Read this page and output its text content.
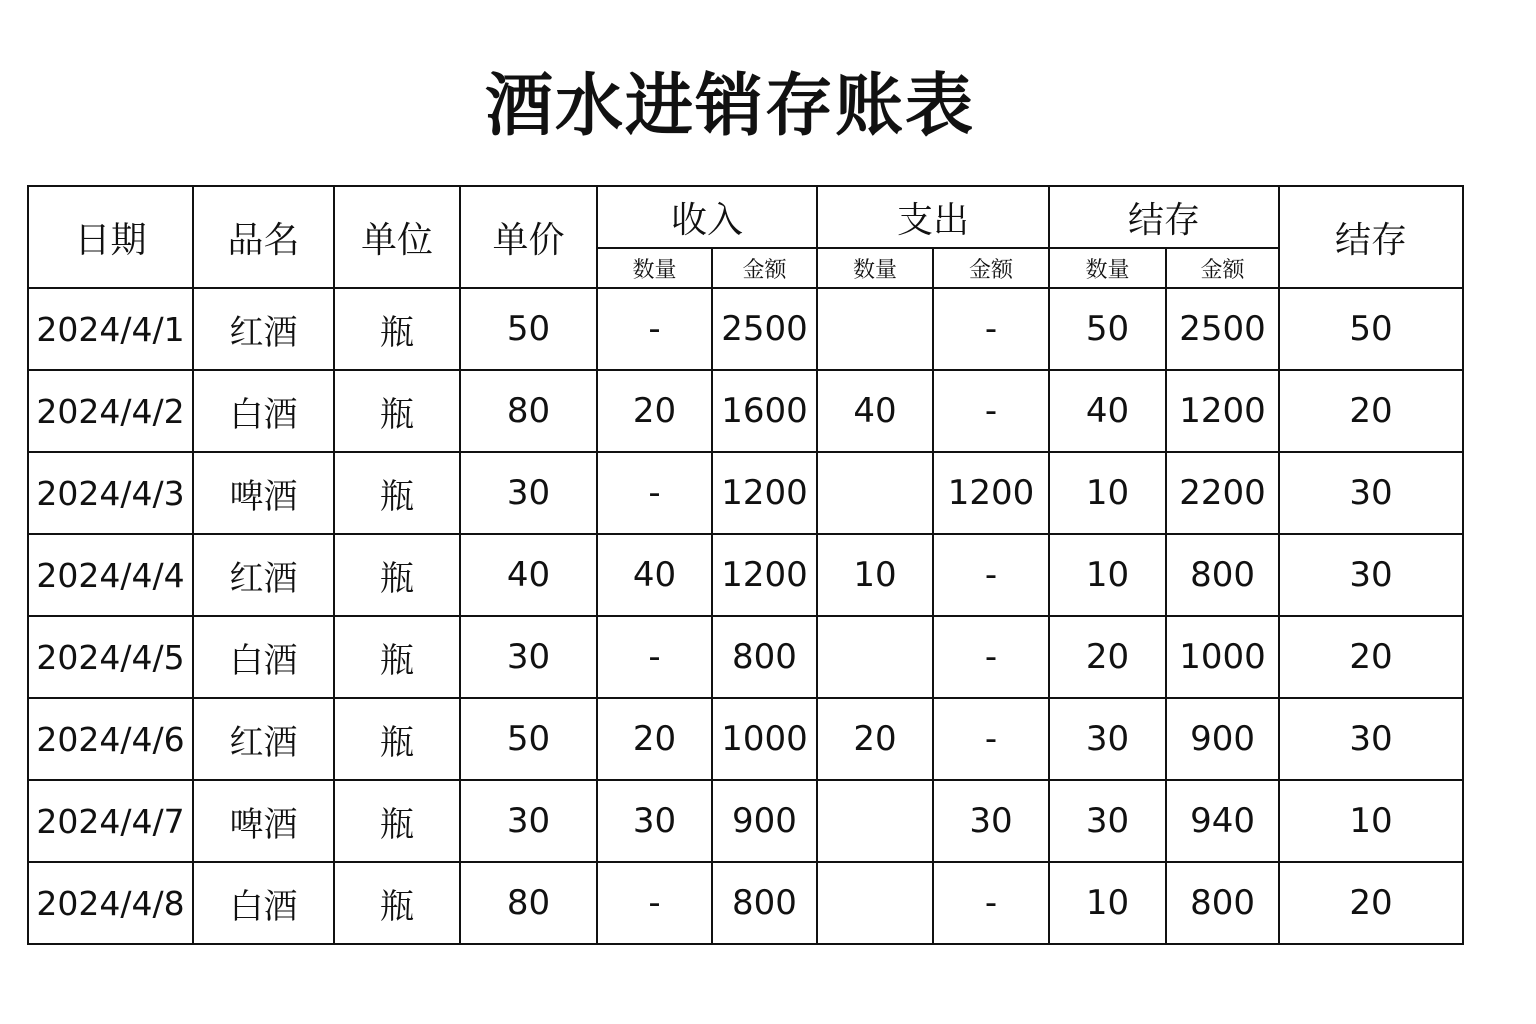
酒水进销存账表
日期	品名	单位	单价	收入		支出		结存		结存
				数量	金额	数量	金额	数量	金额	
2024/4/1	红酒	瓶	50	-	2500		-	50	2500	50
2024/4/2	白酒	瓶	80	20	1600	40	-	40	1200	20
2024/4/3	啤酒	瓶	30	-	1200		1200	10	2200	30
2024/4/4	红酒	瓶	40	40	1200	10	-	10	800	30
2024/4/5	白酒	瓶	30	-	800		-	20	1000	20
2024/4/6	红酒	瓶	50	20	1000	20	-	30	900	30
2024/4/7	啤酒	瓶	30	30	900		30	30	940	10
2024/4/8	白酒	瓶	80	-	800		-	10	800	20
